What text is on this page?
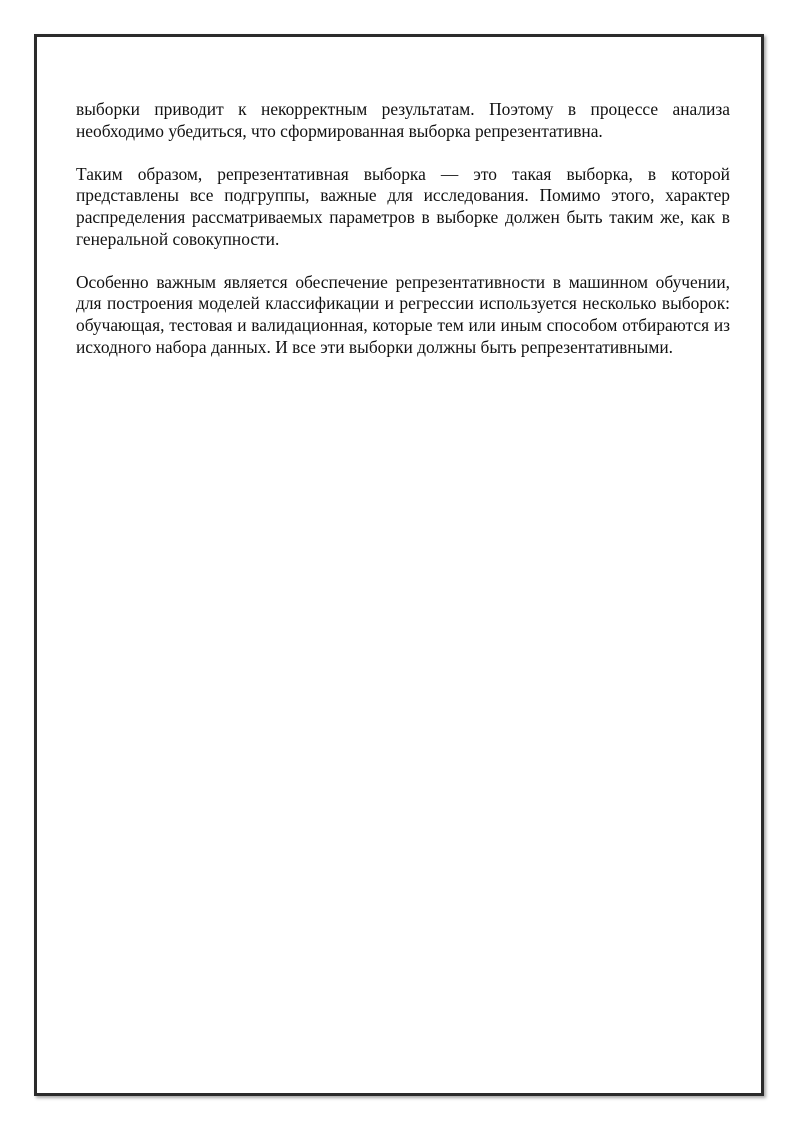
выборки приводит к некорректным результатам. Поэтому в процессе анализа необходимо убедиться, что сформированная выборка репрезентативна.

Таким образом, репрезентативная выборка — это такая выборка, в которой представлены все подгруппы, важные для исследования. Помимо этого, характер распределения рассматриваемых параметров в выборке должен быть таким же, как в генеральной совокупности.

Особенно важным является обеспечение репрезентативности в машинном обучении, для построения моделей классификации и регрессии используется несколько выборок: обучающая, тестовая и валидационная, которые тем или иным способом отбираются из исходного набора данных. И все эти выборки должны быть репрезентативными.
